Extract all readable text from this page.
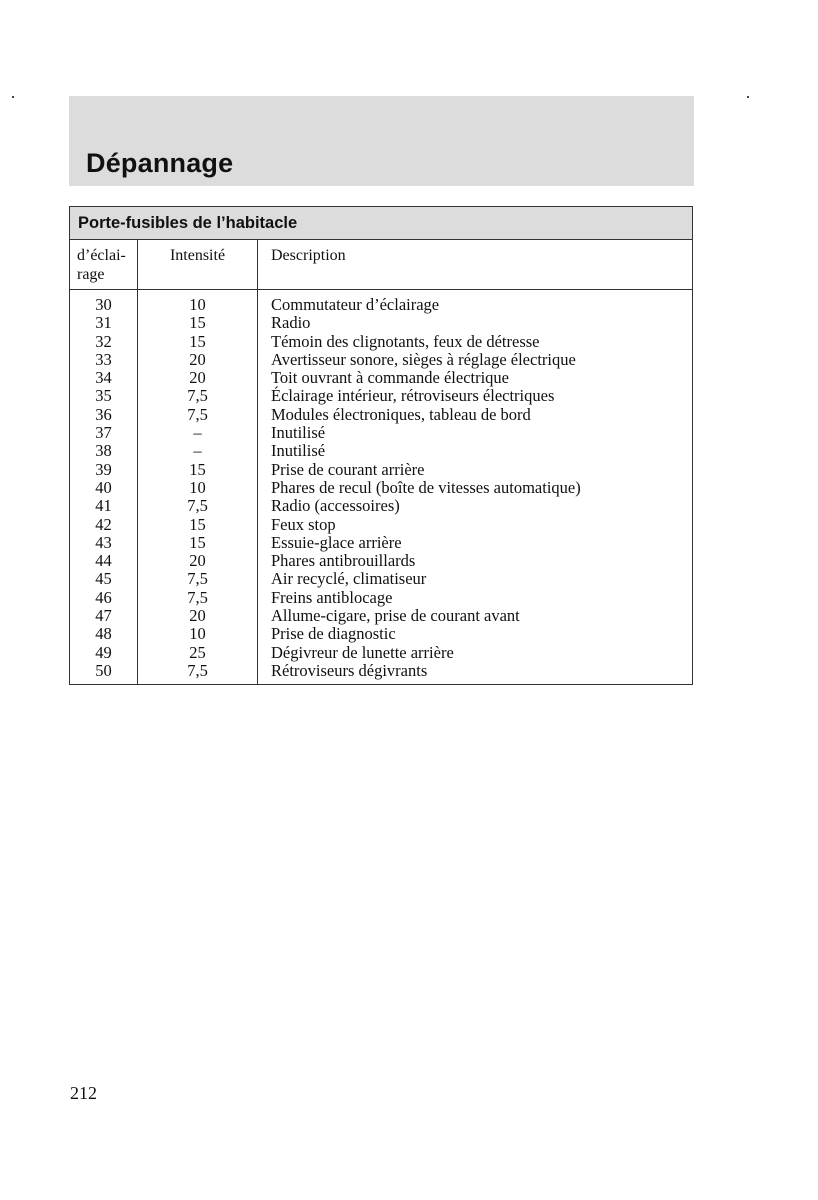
Dépannage
Porte-fusibles de l’habitacle
d’éclai-
rage
Intensité	Description
30
31
32
33
34
35
36
37
38
39
40
41
42
43
44
45
46
47
48
49
50
10
15
15
20
20
7,5
7,5
–
–
15
10
7,5
15
15
20
7,5
7,5
20
10
25
7,5
Commutateur d’éclairage
Radio
Témoin des clignotants, feux de détresse
Avertisseur sonore, sièges à réglage électrique
Toit ouvrant à commande électrique
Éclairage intérieur, rétroviseurs électriques
Modules électroniques, tableau de bord
Inutilisé
Inutilisé
Prise de courant arrière
Phares de recul (boîte de vitesses automatique)
Radio (accessoires)
Feux stop
Essuie-glace arrière
Phares antibrouillards
Air recyclé, climatiseur
Freins antiblocage
Allume-cigare, prise de courant avant
Prise de diagnostic
Dégivreur de lunette arrière
Rétroviseurs dégivrants
212
